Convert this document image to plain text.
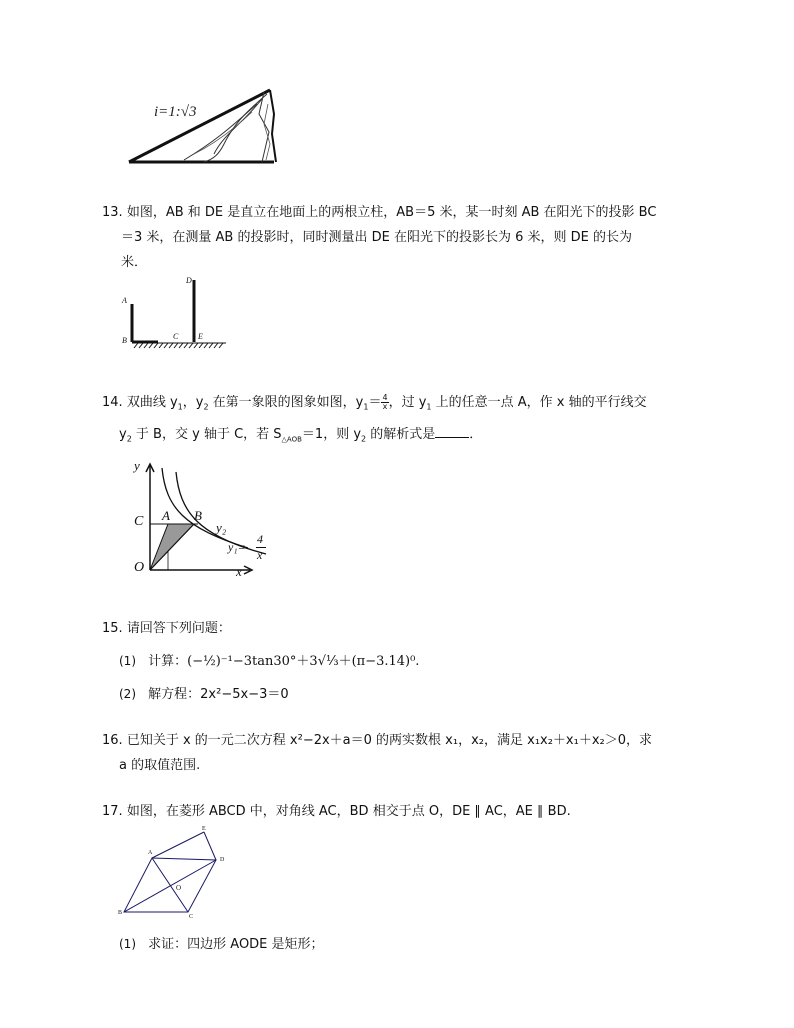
i=1:√3
13. 如图，AB 和 DE 是直立在地面上的两根立柱，AB＝5 米，某一时刻 AB 在阳光下的投影 BC
＝3 米，在测量 AB 的投影时，同时测量出 DE 在阳光下的投影长为 6 米，则 DE 的长为
米．
A
B	C
D
E
14. 双曲线 $y_1$，$y_2$ 在第一象限的图象如图，$y_1= \frac{4}{x}$ ，过 $y_1$ 上的任意一点 A，作 x 轴的平行线交
$y_2$ 于 B，交 y 轴于 C，若 $S_{\triangle AOB}=1$，则 $y_2$ 的解析式是	．
y
x
O
C A B
y₂
y₁=
4
x
15. 请回答下列问题：
(1) 计算：(−½)⁻¹−3tan30°＋3√⅓＋(π−3.14)⁰.
(2) 解方程：2x²−5x−3＝0
16. 已知关于 x 的一元二次方程 x²−2x＋a＝0 的两实数根 x₁，x₂，满足 x₁x₂＋x₁＋x₂＞0，求
a 的取值范围.
17. 如图，在菱形 ABCD 中，对角线 AC，BD 相交于点 O，DE ∥ AC，AE ∥ BD.
A
B
C
D
E
O
(1) 求证：四边形 AODE 是矩形；
